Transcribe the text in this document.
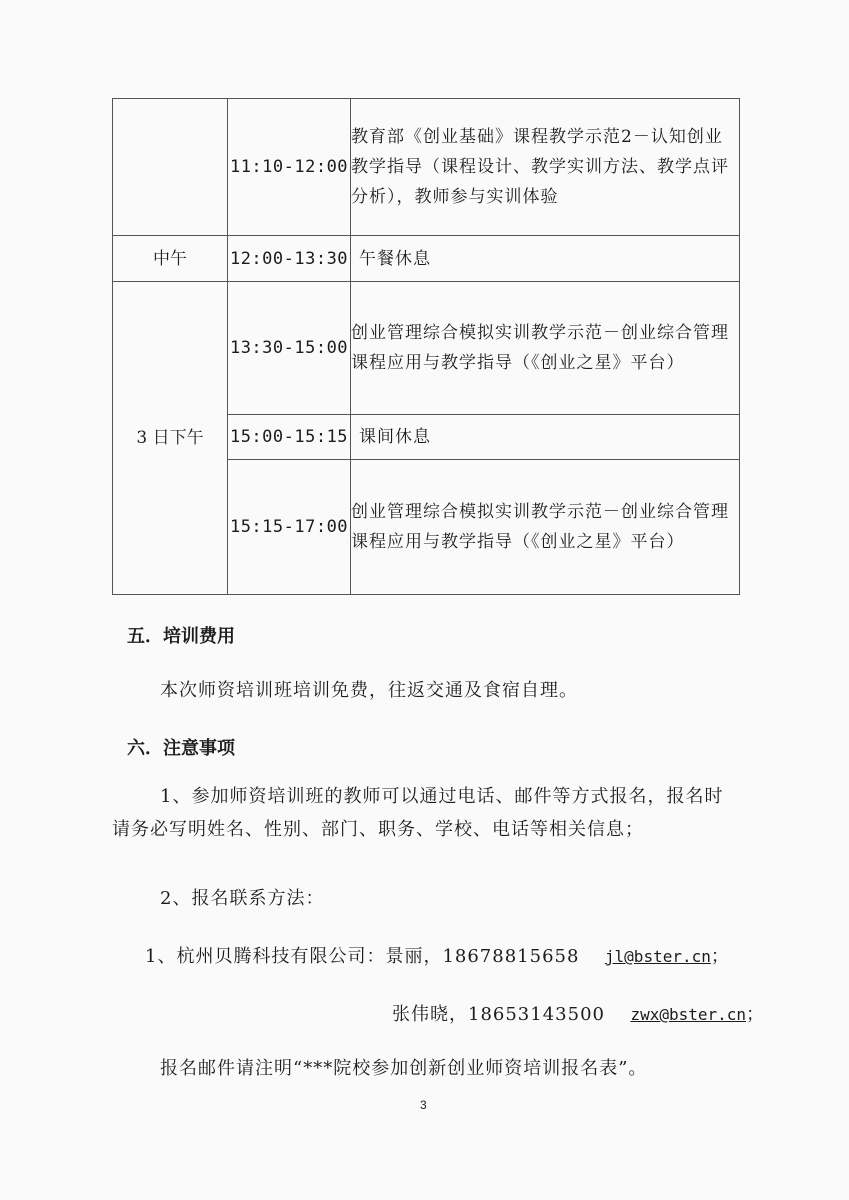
	11:10-12:00	教育部《创业基础》课程教学示范2－认知创业教学指导（课程设计、教学实训方法、教学点评分析），教师参与实训体验
中午	12:00-13:30	午餐休息
3 日下午	13:30-15:00	创业管理综合模拟实训教学示范－创业综合管理课程应用与教学指导（《创业之星》平台）
	15:00-15:15	课间休息
	15:15-17:00	创业管理综合模拟实训教学示范－创业综合管理课程应用与教学指导（《创业之星》平台）
五．培训费用
本次师资培训班培训免费，往返交通及食宿自理。
六．注意事项
1、参加师资培训班的教师可以通过电话、邮件等方式报名，报名时请务必写明姓名、性别、部门、职务、学校、电话等相关信息；
2、报名联系方法：
1、杭州贝腾科技有限公司：景丽，18678815658 jl@bster.cn；
张伟晓，18653143500 zwx@bster.cn；
报名邮件请注明“***院校参加创新创业师资培训报名表”。
3
